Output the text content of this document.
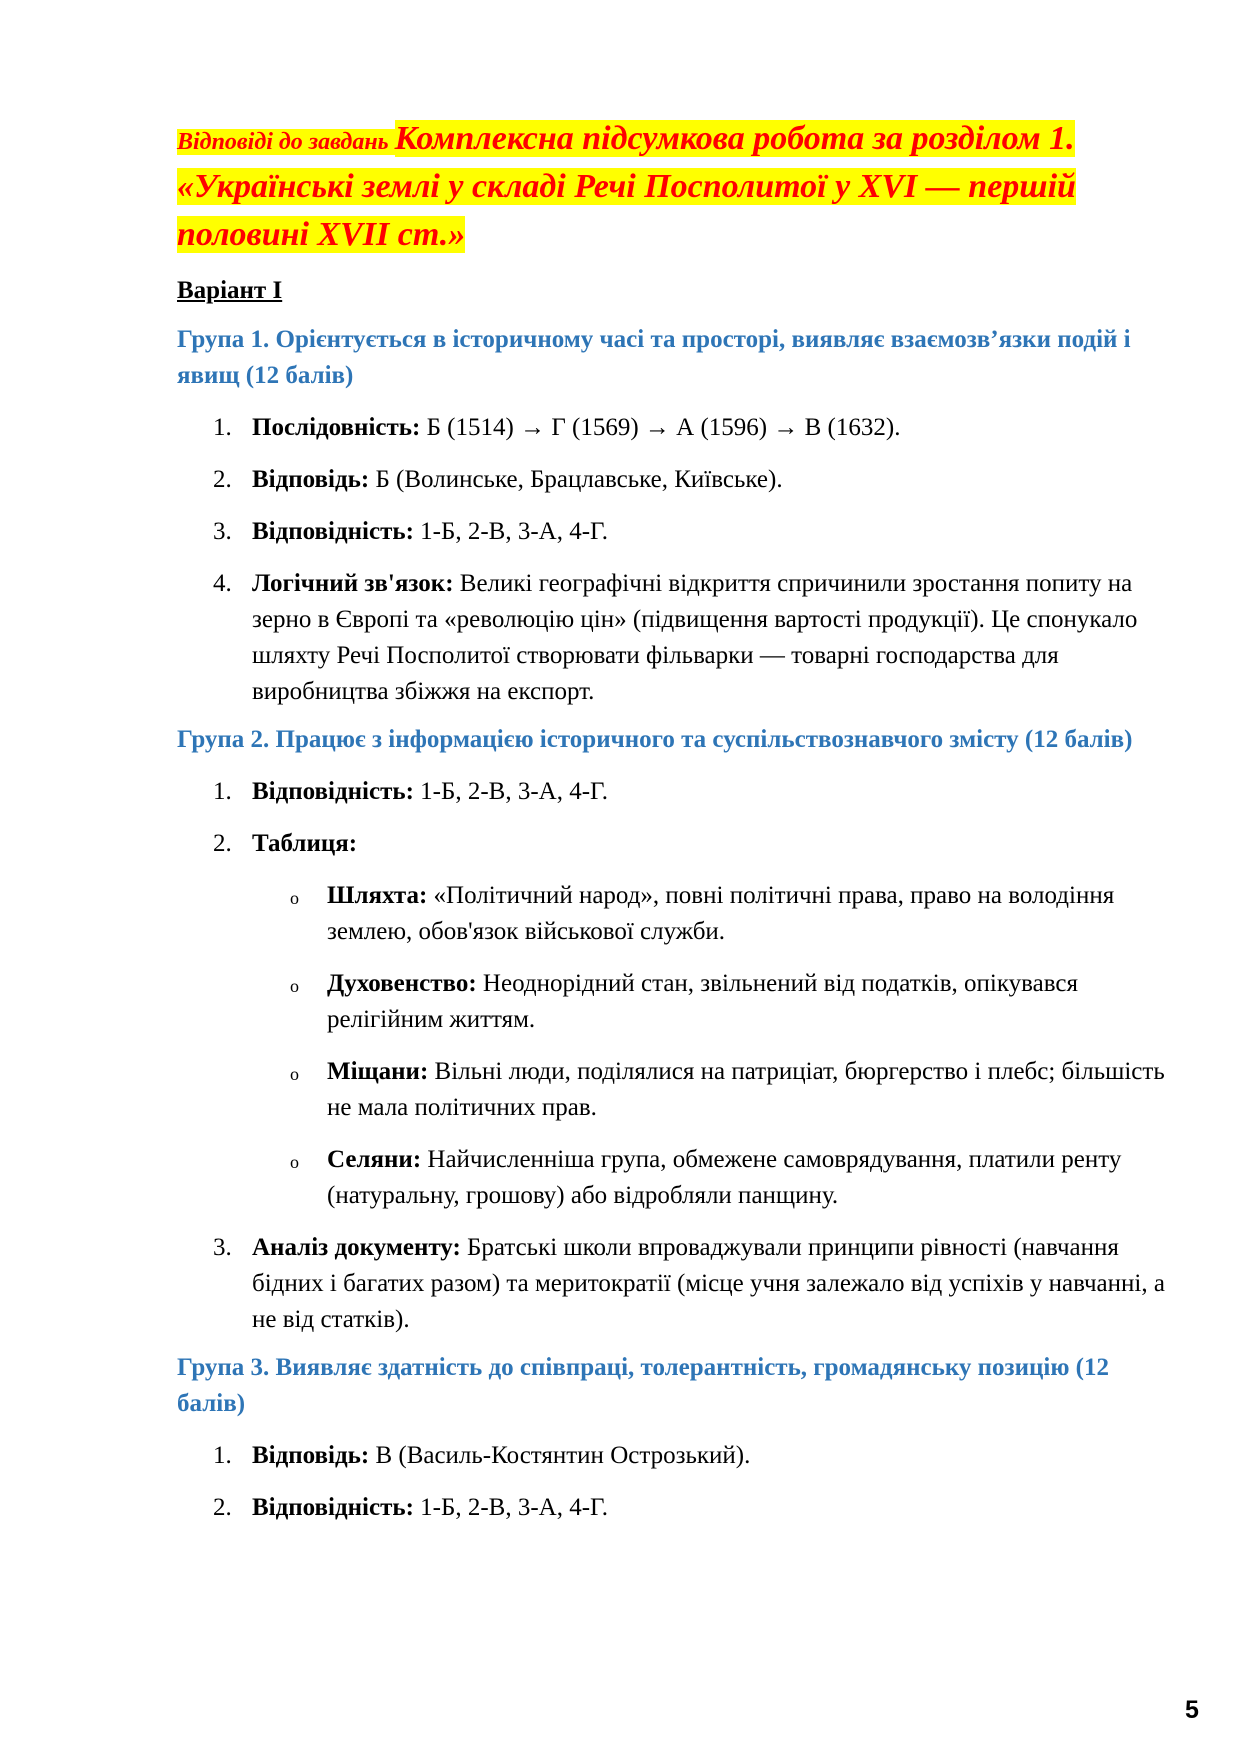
Відповіді до завдань Комплексна підсумкова робота за розділом 1.
«Українські землі у складі Речі Посполитої у XVI — першій
половині XVII ст.»

Варіант І
Група 1. Орієнтується в історичному часі та просторі, виявляє взаємозв’язки подій і явищ (12 балів)
1. Послідовність: Б (1514) → Г (1569) → А (1596) → В (1632).
2. Відповідь: Б (Волинське, Брацлавське, Київське).
3. Відповідність: 1-Б, 2-В, 3-А, 4-Г.
4. Логічний зв'язок: Великі географічні відкриття спричинили зростання попиту на зерно в Європі та «революцію цін» (підвищення вартості продукції). Це спонукало шляхту Речі Посполитої створювати фільварки — товарні господарства для виробництва збіжжя на експорт.
Група 2. Працює з інформацією історичного та суспільствознавчого змісту (12 балів)
1. Відповідність: 1-Б, 2-В, 3-А, 4-Г.
2. Таблиця:
o Шляхта: «Політичний народ», повні політичні права, право на володіння землею, обов'язок військової служби.
o Духовенство: Неоднорідний стан, звільнений від податків, опікувався релігійним життям.
o Міщани: Вільні люди, поділялися на патриціат, бюргерство і плебс; більшість не мала політичних прав.
o Селяни: Найчисленніша група, обмежене самоврядування, платили ренту (натуральну, грошову) або відробляли панщину.
3. Аналіз документу: Братські школи впроваджували принципи рівності (навчання бідних і багатих разом) та меритократії (місце учня залежало від успіхів у навчанні, а не від статків).
Група 3. Виявляє здатність до співпраці, толерантність, громадянську позицію (12 балів)
1. Відповідь: В (Василь-Костянтин Острозький).
2. Відповідність: 1-Б, 2-В, 3-А, 4-Г.
5
